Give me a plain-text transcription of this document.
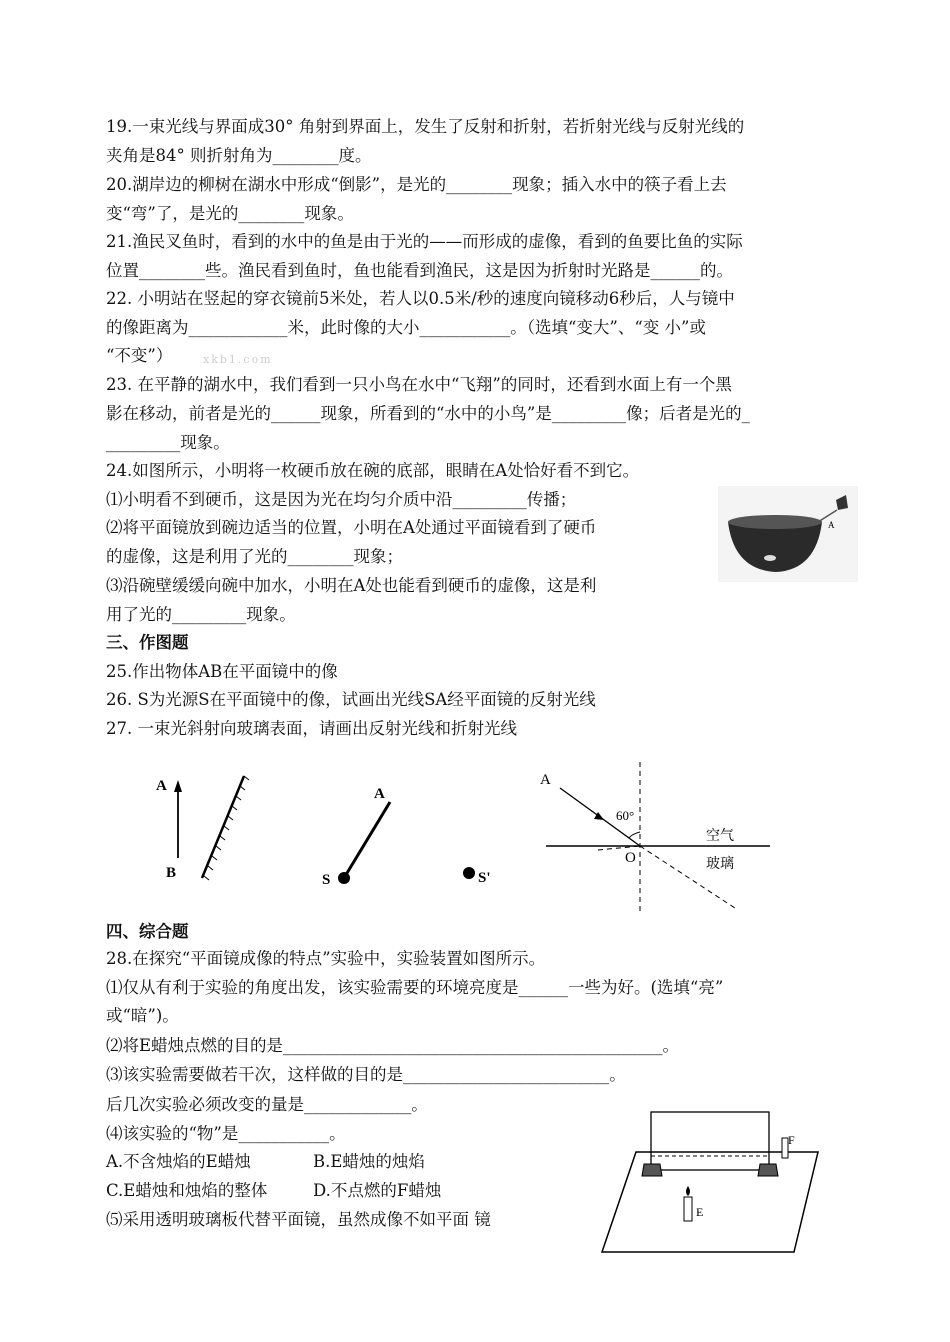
19.一束光线与界面成30° 角射到界面上，发生了反射和折射，若折射光线与反射光线的
夹角是84° 则折射角为________度。
20.湖岸边的柳树在湖水中形成“倒影”，是光的________现象；插入水中的筷子看上去
变“弯”了，是光的________现象。
21.渔民叉鱼时，看到的水中的鱼是由于光的——而形成的虚像，看到的鱼要比鱼的实际
位置________些。渔民看到鱼时，鱼也能看到渔民，这是因为折射时光路是______的。
22. 小明站在竖起的穿衣镜前5米处，若人以0.5米/秒的速度向镜移动6秒后，人与镜中
的像距离为____________米，此时像的大小___________。（选填“变大”、“变 小”或
“不变”）	xkb1.com
23. 在平静的湖水中，我们看到一只小鸟在水中“飞翔”的同时，还看到水面上有一个黑
影在移动，前者是光的______现象，所看到的“水中的小鸟”是_________像；后者是光的_
_________现象。
24.如图所示，小明将一枚硬币放在碗的底部，眼睛在A处恰好看不到它。
⑴小明看不到硬币，这是因为光在均匀介质中沿_________传播；
⑵将平面镜放到碗边适当的位置，小明在A处通过平面镜看到了硬币
的虚像，这是利用了光的________现象；
⑶沿碗壁缓缓向碗中加水，小明在A处也能看到硬币的虚像，这是利
用了光的_________现象。
A
三、作图题
25.作出物体AB在平面镜中的像
26. S为光源S在平面镜中的像，试画出光线SA经平面镜的反射光线
27. 一束光斜射向玻璃表面，请画出反射光线和折射光线
A
B
A
S	S'
A
60°
O
空气
玻璃
四、综合题
28.在探究“平面镜成像的特点”实验中，实验装置如图所示。
⑴仅从有利于实验的角度出发，该实验需要的环境亮度是______一些为好。(选填“亮”
或“暗”)。
⑵将E蜡烛点燃的目的是______________________________________________。
⑶该实验需要做若干次，这样做的目的是_________________________。
后几次实验必须改变的量是_____________。
⑷该实验的“物”是___________。
A.不含烛焰的E蜡烛	B.E蜡烛的烛焰
C.E蜡烛和烛焰的整体	D.不点燃的F蜡烛
⑸采用透明玻璃板代替平面镜，虽然成像不如平面 镜
F
E
